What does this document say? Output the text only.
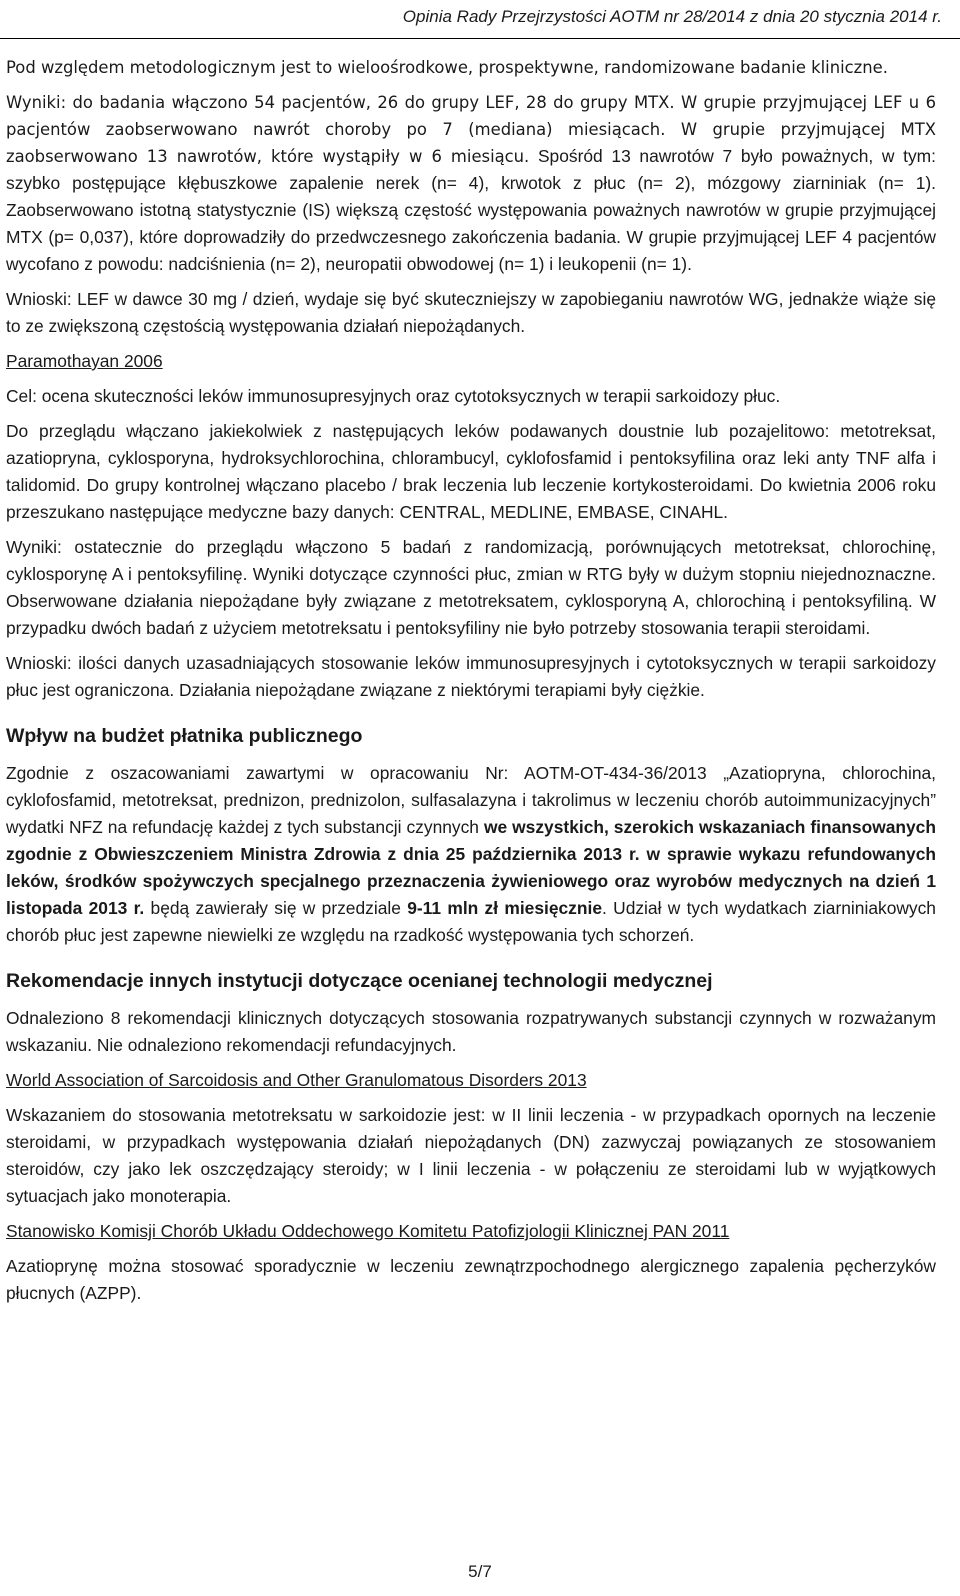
Opinia Rady Przejrzystości AOTM nr 28/2014 z dnia 20 stycznia 2014 r.

Pod względem metodologicznym jest to wieloośrodkowe, prospektywne, randomizowane badanie kliniczne.

Wyniki: do badania włączono 54 pacjentów, 26 do grupy LEF, 28 do grupy MTX. W grupie przyjmującej LEF u 6 pacjentów zaobserwowano nawrót choroby po 7 (mediana) miesiącach. W grupie przyjmującej MTX zaobserwowano 13 nawrotów, które wystąpiły w 6 miesiącu. Spośród 13 nawrotów 7 było poważnych, w tym: szybko postępujące kłębuszkowe zapalenie nerek (n= 4), krwotok z płuc (n= 2), mózgowy ziarniniak (n= 1). Zaobserwowano istotną statystycznie (IS) większą częstość występowania poważnych nawrotów w grupie przyjmującej MTX (p= 0,037), które doprowadziły do przedwczesnego zakończenia badania. W grupie przyjmującej LEF 4 pacjentów wycofano z powodu: nadciśnienia (n= 2), neuropatii obwodowej (n= 1) i leukopenii (n= 1).

Wnioski: LEF w dawce 30 mg / dzień, wydaje się być skuteczniejszy w zapobieganiu nawrotów WG, jednakże wiąże się to ze zwiększoną częstością występowania działań niepożądanych.

Paramothayan 2006

Cel: ocena skuteczności leków immunosupresyjnych oraz cytotoksycznych w terapii sarkoidozy płuc.

Do przeglądu włączano jakiekolwiek z następujących leków podawanych doustnie lub pozajelitowo: metotreksat, azatiopryna, cyklosporyna, hydroksychlorochina, chlorambucyl, cyklofosfamid i pentoksyfilina oraz leki anty TNF alfa i talidomid. Do grupy kontrolnej włączano placebo / brak leczenia lub leczenie kortykosteroidami. Do kwietnia 2006 roku przeszukano następujące medyczne bazy danych: CENTRAL, MEDLINE, EMBASE, CINAHL.

Wyniki: ostatecznie do przeglądu włączono 5 badań z randomizacją, porównujących metotreksat, chlorochinę, cyklosporynę A i pentoksyfilinę. Wyniki dotyczące czynności płuc, zmian w RTG były w dużym stopniu niejednoznaczne. Obserwowane działania niepożądane były związane z metotreksatem, cyklosporyną A, chlorochiną i pentoksyfiliną. W przypadku dwóch badań z użyciem metotreksatu i pentoksyfiliny nie było potrzeby stosowania terapii steroidami.

Wnioski: ilości danych uzasadniających stosowanie leków immunosupresyjnych i cytotoksycznych w terapii sarkoidozy płuc jest ograniczona. Działania niepożądane związane z niektórymi terapiami były ciężkie.

Wpływ na budżet płatnika publicznego

Zgodnie z oszacowaniami zawartymi w opracowaniu Nr: AOTM-OT-434-36/2013 „Azatiopryna, chlorochina, cyklofosfamid, metotreksat, prednizon, prednizolon, sulfasalazyna i takrolimus w leczeniu chorób autoimmunizacyjnych” wydatki NFZ na refundację każdej z tych substancji czynnych we wszystkich, szerokich wskazaniach finansowanych zgodnie z Obwieszczeniem Ministra Zdrowia z dnia 25 października 2013 r. w sprawie wykazu refundowanych leków, środków spożywczych specjalnego przeznaczenia żywieniowego oraz wyrobów medycznych na dzień 1 listopada 2013 r. będą zawierały się w przedziale 9-11 mln zł miesięcznie. Udział w tych wydatkach ziarniniakowych chorób płuc jest zapewne niewielki ze względu na rzadkość występowania tych schorzeń.

Rekomendacje innych instytucji dotyczące ocenianej technologii medycznej

Odnaleziono 8 rekomendacji klinicznych dotyczących stosowania rozpatrywanych substancji czynnych w rozważanym wskazaniu. Nie odnaleziono rekomendacji refundacyjnych.

World Association of Sarcoidosis and Other Granulomatous Disorders 2013

Wskazaniem do stosowania metotreksatu w sarkoidozie jest: w II linii leczenia - w przypadkach opornych na leczenie steroidami, w przypadkach występowania działań niepożądanych (DN) zazwyczaj powiązanych ze stosowaniem steroidów, czy jako lek oszczędzający steroidy; w I linii leczenia - w połączeniu ze steroidami lub w wyjątkowych sytuacjach jako monoterapia.

Stanowisko Komisji Chorób Układu Oddechowego Komitetu Patofizjologii Klinicznej PAN 2011

Azatioprynę można stosować sporadycznie w leczeniu zewnątrzpochodnego alergicznego zapalenia pęcherzyków płucnych (AZPP).

5/7
